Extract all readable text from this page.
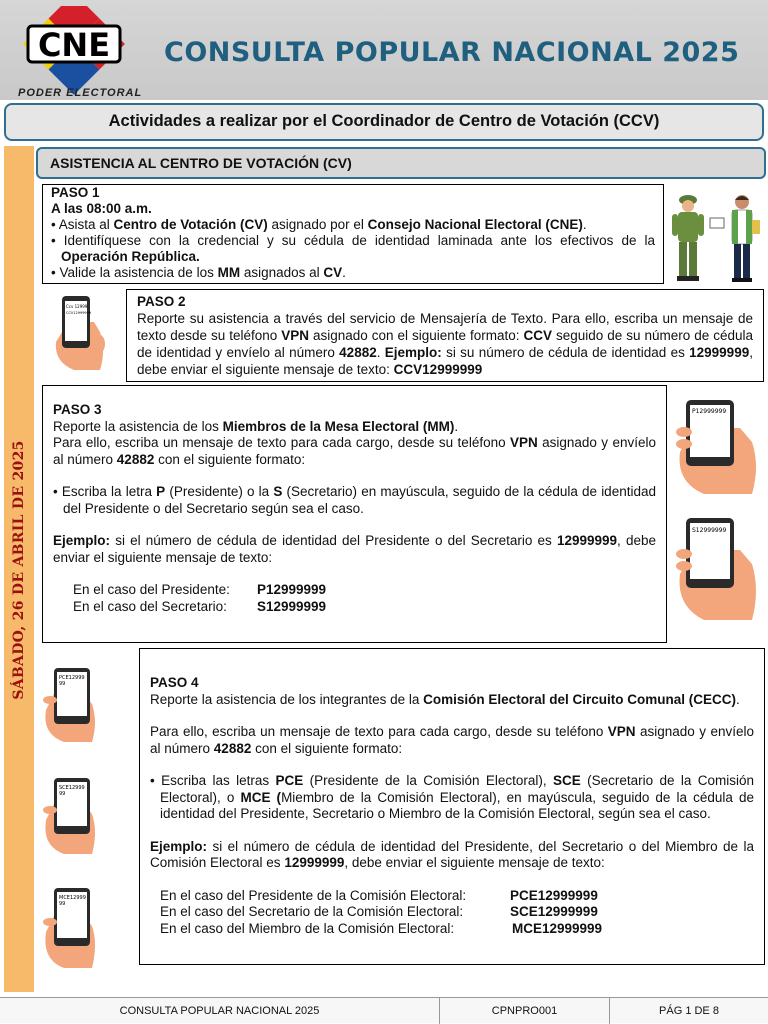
CNE
PODER ELECTORAL
CONSULTA POPULAR NACIONAL 2025
Actividades a realizar por el Coordinador de Centro de Votación (CCV)
SÁBADO, 26 DE ABRIL DE 2025
ASISTENCIA AL CENTRO DE VOTACIÓN (CV)

PASO 1

A las 08:00 a.m.

• Asista al Centro de Votación (CV) asignado por el Consejo Nacional Electoral (CNE).

• Identifíquese con la credencial y su cédula de identidad laminada ante los efectivos de la Operación República.

• Valide la asistencia de los MM asignados al CV.

Ccv 12999
CCV12999999

PASO 2

Reporte su asistencia a través del servicio de Mensajería de Texto. Para ello, escriba un mensaje de texto desde su teléfono VPN asignado con el siguiente formato: CCV seguido de su número de cédula de identidad y envíelo al número 42882. Ejemplo: si su número de cédula de identidad es 12999999, debe enviar el siguiente mensaje de texto: CCV12999999

PASO 3

Reporte la asistencia de los Miembros de la Mesa Electoral (MM).

Para ello, escriba un mensaje de texto para cada cargo, desde su teléfono VPN asignado y envíelo al número 42882 con el siguiente formato:

• Escriba la letra P (Presidente) o la S (Secretario) en mayúscula, seguido de la cédula de identidad del Presidente o del Secretario según sea el caso.

Ejemplo: si el número de cédula de identidad del Presidente o del Secretario es 12999999, debe enviar el siguiente mensaje de texto:

En el caso del Presidente:	P12999999
En el caso del Secretario:	S12999999
P12999999
S12999999
PCE12999
99
SCE12999
99
MCE12999
99

PASO 4

Reporte la asistencia de los integrantes de la Comisión Electoral del Circuito Comunal (CECC).

Para ello, escriba un mensaje de texto para cada cargo, desde su teléfono VPN asignado y envíelo al número 42882 con el siguiente formato:

• Escriba las letras PCE (Presidente de la Comisión Electoral), SCE (Secretario de la Comisión Electoral), o MCE (Miembro de la Comisión Electoral), en mayúscula, seguido de la cédula de identidad del Presidente, Secretario o Miembro de la Comisión Electoral, según sea el caso.

Ejemplo: si el número de cédula de identidad del Presidente, del Secretario o del Miembro de la Comisión Electoral es 12999999, debe enviar el siguiente mensaje de texto:

En el caso del Presidente de la Comisión Electoral:	PCE12999999
En el caso del Secretario de la Comisión Electoral:	SCE12999999
En el caso del Miembro de la Comisión Electoral:	MCE12999999
CONSULTA POPULAR NACIONAL 2025	CPNPRO001	PÁG 1 DE 8
